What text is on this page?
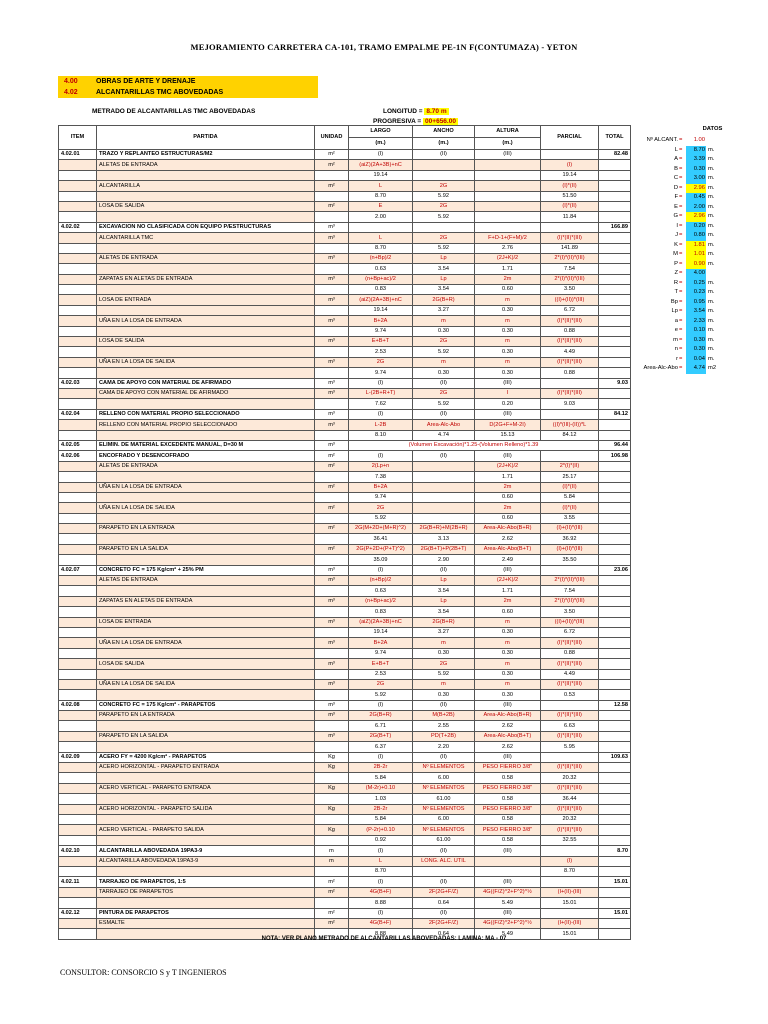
MEJORAMIENTO CARRETERA CA-101, TRAMO EMPALME PE-1N F(CONTUMAZA) - YETON
4.00	OBRAS DE ARTE Y DRENAJE
4.02	ALCANTARILLAS TMC ABOVEDADAS
METRADO DE ALCANTARILLAS TMC ABOVEDADAS	LONGITUD = 8.70 m
PROGRESIVA = 00+656.00
ITEM	PARTIDA	UNIDAD	LARGO	ANCHO	ALTURA	PARCIAL	TOTAL
			(m.)	(m.)	(m.)		
4.02.01	TRAZO Y REPLANTEO ESTRUCTURAS/M2	m²	(I)	(II)	(III)		82.48
	ALETAS DE ENTRADA	m²	(aiZ)(2A+3B)+nC			(I)	
			19.14			19.14	
	ALCANTARILLA	m²	L	2G		(I)*(II)	
			8.70	5.92		51.50	
	LOSA DE SALIDA	m²	E	2G		(I)*(II)	
			2.00	5.92		11.84	
4.02.02	EXCAVACION NO CLASIFICADA CON EQUIPO P/ESTRUCTURAS	m³					166.89
	ALCANTARILLA TMC	m³	L	2G	F+D-1+(F+M)/2	(I)*(II)*(III)	
			8.70	5.92	2.76	141.89	
	ALETAS DE ENTRADA	m³	(n+Bp)/2	Lp	(2J+K)/2	2*(I)*(II)*(III)	
			0.63	3.54	1.71	7.54	
	ZAPATAS EN ALETAS DE ENTRADA	m³	(n+Bp+ac)/2	Lp	2m	2*(I)*(II)*(III)	
			0.83	3.54	0.60	3.50	
	LOSA DE ENTRADA	m³	(aiZ)(2A+3B)+nC	2G(B+R)	m	((I)+(II))*(III)	
			19.14	3.27	0.30	6.72	
	UÑA EN LA LOSA DE ENTRADA	m³	B+2A	m	m	(I)*(II)*(III)	
			9.74	0.30	0.30	0.88	
	LOSA DE SALIDA	m³	E+B+T	2G	m	(I)*(II)*(III)	
			2.53	5.92	0.30	4.49	
	UÑA EN LA LOSA DE SALIDA	m³	2G	m	m	(I)*(II)*(III)	
			9.74	0.30	0.30	0.88	
4.02.03	CAMA DE APOYO CON MATERIAL DE AFIRMADO	m³	(I)	(II)	(III)		9.03
	CAMA DE APOYO CON MATERIAL DE AFIRMADO	m³	L-(2B+R+T)	2G	I	(I)*(II)*(III)	
			7.62	5.92	0.20	9.03	
4.02.04	RELLENO CON MATERIAL PROPIO SELECCIONADO	m³	(I)	(II)	(III)		84.12
	RELLENO CON MATERIAL PROPIO SELECCIONADO	m³	L-2B	Area-Alc-Abo	D(2G+F+M-2I)	((I)*(III)-(II))*L	
			8.10	4.74	15.13	84.12	
4.02.05	ELIMIN. DE MATERIAL EXCEDENTE MANUAL, D=30 M	m³	(Volumen Excavación)*1.25-(Volumen Relleno)*1.39				96.44
4.02.06	ENCOFRADO Y DESENCOFRADO	m²	(I)	(II)	(III)		106.98
	ALETAS DE ENTRADA	m²	2(Lp+n		(2J+K)/2	2*(I)*(II)	
			7.38		1.71	25.17	
	UÑA EN LA LOSA DE ENTRADA	m²	B+2A		2m	(I)*(II)	
			9.74		0.60	5.84	
	UÑA EN LA LOSA DE SALIDA	m²	2G		2m	(I)*(II)	
			5.92		0.60	3.55	
	PARAPETO EN LA ENTRADA	m²	2G(M+2D+(M+R)^2)	2G(B+R)+M(2B+R)	Area-Alc-Abo(B+R)	(I)+(II)*(III)	
			36.41	3.13	2.62	36.92	
	PARAPETO EN LA SALIDA	m²	2G(P+2D+(P+T)^2)	2G(B+T)+P(2B+T)	Area-Alc-Abo(B+T)	(I)+(II)*(III)	
			35.09	2.90	2.49	35.50	
4.02.07	CONCRETO FC = 175 Kg/cm² + 25% PM	m³	(I)	(II)	(III)		23.06
	ALETAS DE ENTRADA	m³	(n+Bp)/2	Lp	(2J+K)/2	2*(I)*(II)*(III)	
			0.63	3.54	1.71	7.54	
	ZAPATAS EN ALETAS DE ENTRADA	m³	(n+Bp+ac)/2	Lp	2m	2*(I)*(II)*(III)	
			0.83	3.54	0.60	3.50	
	LOSA DE ENTRADA	m³	(aiZ)(2A+3B)+nC	2G(B+R)	m	((I)+(II))*(III)	
			19.14	3.27	0.30	6.72	
	UÑA EN LA LOSA DE ENTRADA	m³	B+2A	m	m	(I)*(II)*(III)	
			9.74	0.30	0.30	0.88	
	LOSA DE SALIDA	m³	E+B+T	2G	m	(I)*(II)*(III)	
			2.53	5.92	0.30	4.49	
	UÑA EN LA LOSA DE SALIDA	m³	2G	m	m	(I)*(II)*(III)	
			5.92	0.30	0.30	0.53	
4.02.08	CONCRETO FC = 175 Kg/cm² - PARAPETOS	m³	(I)	(II)	(III)		12.58
	PARAPETO EN LA ENTRADA	m³	2G(B+R)	M(B+2B)	Area-Alc-Abo(B+R)	(I)*(II)*(III)	
			6.71	2.55	2.62	6.63	
	PARAPETO EN LA SALIDA	m³	2G(B+T)	PD(T+2B)	Area-Alc-Abo(B+T)	(I)*(II)*(III)	
			6.37	2.20	2.62	5.95	
4.02.09	ACERO FY = 4200 Kg/cm² - PARAPETOS	Kg	(I)	(II)	(III)		109.63
	ACERO HORIZONTAL - PARAPETO ENTRADA	Kg	2B-2r	Nº ELEMENTOS	PESO FIERRO 3/8"	(I)*(II)*(III)	
			5.84	6.00	0.58	20.32	
	ACERO VERTICAL - PARAPETO ENTRADA	Kg	(M-2r)+0.10	Nº ELEMENTOS	PESO FIERRO 3/8"	(I)*(II)*(III)	
			1.03	61.00	0.58	36.44	
	ACERO HORIZONTAL - PARAPETO SALIDA	Kg	2B-2r	Nº ELEMENTOS	PESO FIERRO 3/8"	(I)*(II)*(III)	
			5.84	6.00	0.58	20.32	
	ACERO VERTICAL - PARAPETO SALIDA	Kg	(P-2r)+0.10	Nº ELEMENTOS	PESO FIERRO 3/8"	(I)*(II)*(III)	
			0.92	61.00	0.58	32.55	
4.02.10	ALCANTARILLA ABOVEDADA 19PA3-9	m	(I)	(II)	(III)		8.70
	ALCANTARILLA ABOVEDADA 19PA3-9	m	L	LONG. ALC. UTIL		(I)	
			8.70			8.70	
4.02.11	TARRAJEO DE PARAPETOS, 1:5	m²	(I)	(II)	(III)		15.01
	TARRAJEO DE PARAPETOS	m²	4G(B+F)	2F(2G+F/Z)	4G((F/Z)^2+F^2)^½	(I+(II)-(III)	
			8.88	0.64	5.49	15.01	
4.02.12	PINTURA DE PARAPETOS	m²	(I)	(II)	(III)		15.01
	ESMALTE	m²	4G(B+F)	2F(2G+F/Z)	4G((F/Z)^2+F^2)^½	(I+(II)-(III)	
			8.88	0.64	5.49	15.01	
DATOS
Nº ALCANT. =	1.00
L =	8.70 m.
A =	3.39 m.
B =	0.30 m.
C =	3.00 m.
D =	2.96 m.
F =	0.45 m.
E =	2.00 m.
G =	2.96 m.
I =	0.20 m.
J =	0.80 m.
K =	1.81 m.
M =	1.01 m.
P =	0.90 m.
Z =	4.00
R =	0.25 m.
T =	0.23 m.
Bp =	0.95 m.
Lp =	3.54 m.
a =	2.33 m.
e =	0.10 m.
m =	0.30 m.
n =	0.30 m.
r =	0.04 m.
Area-Alc-Abo =	4.74 m2
NOTA: VER PLANO METRADO DE ALCANTARILLAS ABOVEDADAS: LAMINA: MA - 07
CONSULTOR: CONSORCIO S y T INGENIEROS
